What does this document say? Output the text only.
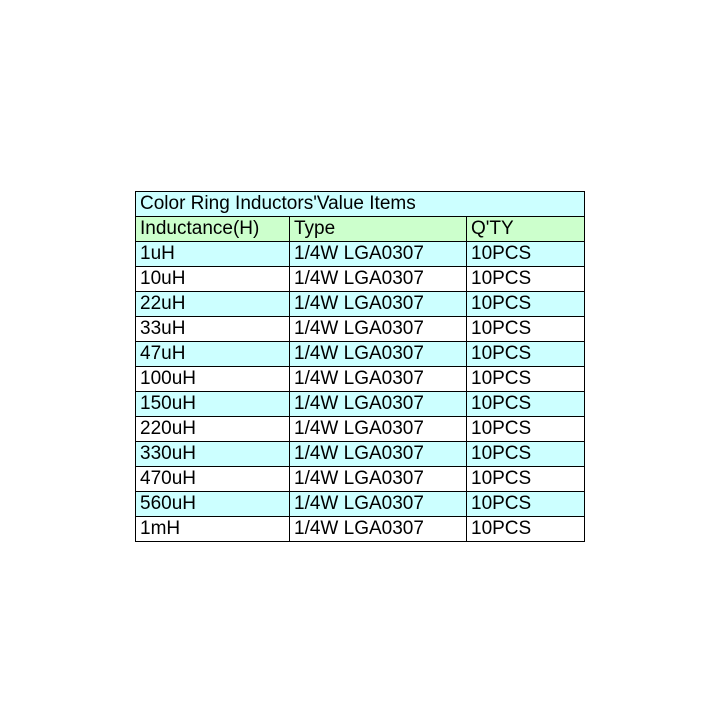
Color Ring Inductors'Value Items		
Inductance(H)	Type	Q'TY
1uH	1/4W LGA0307	10PCS
10uH	1/4W LGA0307	10PCS
22uH	1/4W LGA0307	10PCS
33uH	1/4W LGA0307	10PCS
47uH	1/4W LGA0307	10PCS
100uH	1/4W LGA0307	10PCS
150uH	1/4W LGA0307	10PCS
220uH	1/4W LGA0307	10PCS
330uH	1/4W LGA0307	10PCS
470uH	1/4W LGA0307	10PCS
560uH	1/4W LGA0307	10PCS
1mH	1/4W LGA0307	10PCS
